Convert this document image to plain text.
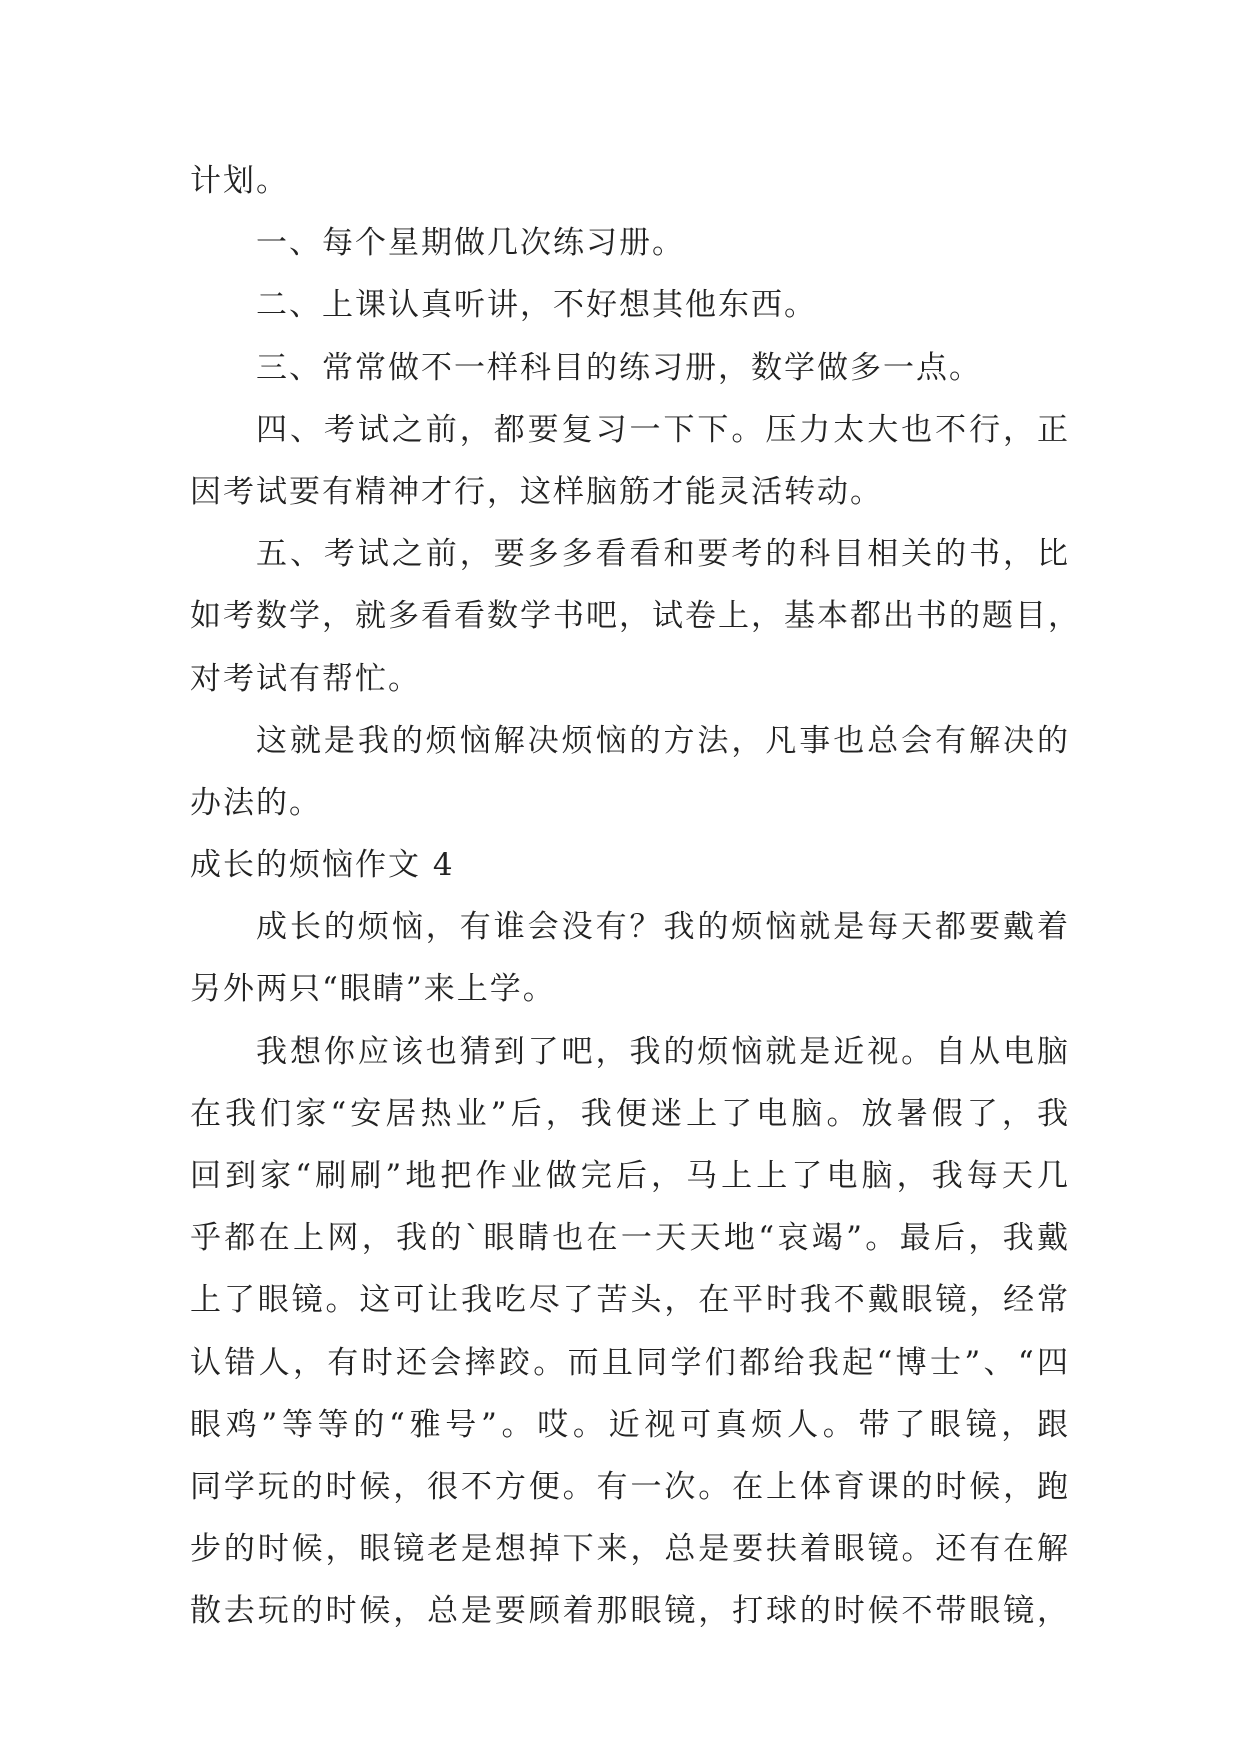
计划。
一、每个星期做几次练习册。
二、上课认真听讲，不好想其他东西。
三、常常做不一样科目的练习册，数学做多一点。
四、考试之前，都要复习一下下。压力太大也不行，正
因考试要有精神才行，这样脑筋才能灵活转动。
五、考试之前，要多多看看和要考的科目相关的书，比
如考数学，就多看看数学书吧，试卷上，基本都出书的题目，
对考试有帮忙。
这就是我的烦恼解决烦恼的方法，凡事也总会有解决的
办法的。
成长的烦恼作文 4
成长的烦恼，有谁会没有？我的烦恼就是每天都要戴着
另外两只“眼睛”来上学。
我想你应该也猜到了吧，我的烦恼就是近视。自从电脑
在我们家“安居热业”后，我便迷上了电脑。放暑假了，我
回到家“刷刷”地把作业做完后，马上上了电脑，我每天几
乎都在上网，我的`眼睛也在一天天地“哀竭”。最后，我戴
上了眼镜。这可让我吃尽了苦头，在平时我不戴眼镜，经常
认错人，有时还会摔跤。而且同学们都给我起“博士”、“四
眼鸡”等等的“雅号”。哎。近视可真烦人。带了眼镜，跟
同学玩的时候，很不方便。有一次。在上体育课的时候，跑
步的时候，眼镜老是想掉下来，总是要扶着眼镜。还有在解
散去玩的时候，总是要顾着那眼镜，打球的时候不带眼镜，
